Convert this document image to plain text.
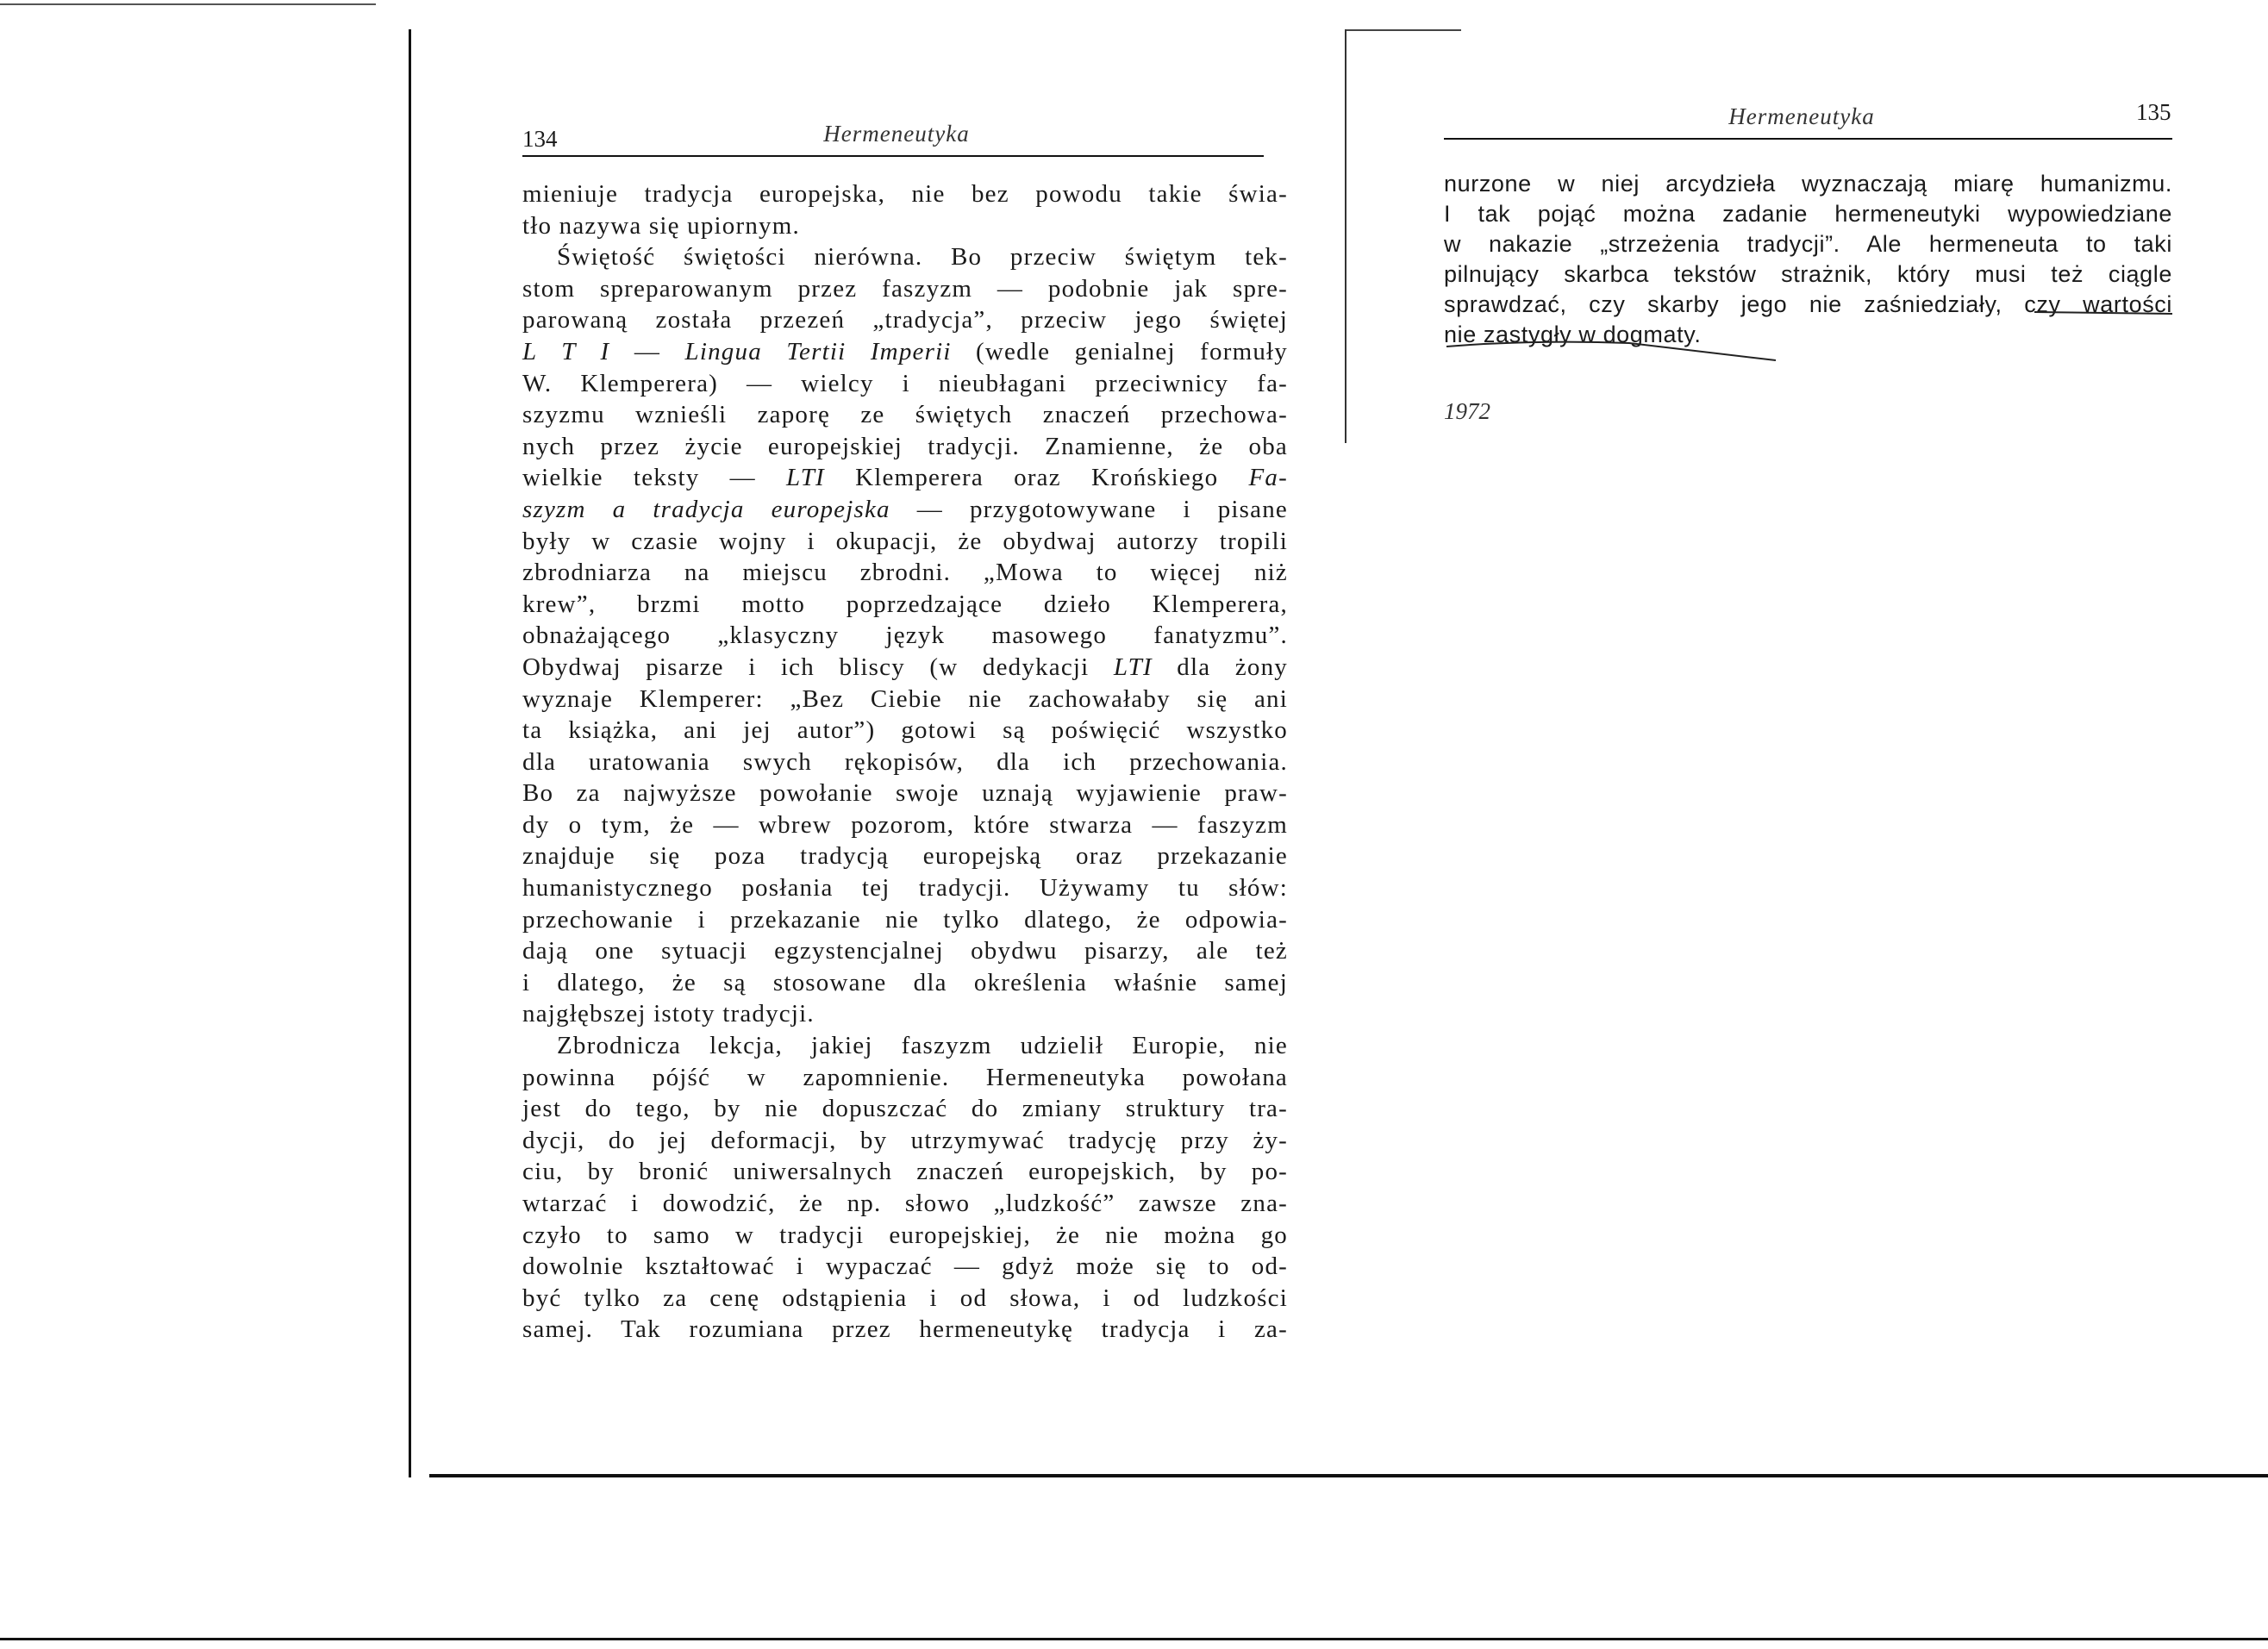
134	Hermeneutyka
mieniuje tradycja europejska, nie bez powodu takie świa-
tło nazywa się upiornym.
Świętość świętości nierówna. Bo przeciw świętym tek-
stom spreparowanym przez faszyzm — podobnie jak spre-
parowaną została przezeń „tradycja”, przeciw jego świętej
L T I — Lingua Tertii Imperii (wedle genialnej formuły
W. Klemperera) — wielcy i nieubłagani przeciwnicy fa-
szyzmu wznieśli zaporę ze świętych znaczeń przechowa-
nych przez życie europejskiej tradycji. Znamienne, że oba
wielkie teksty — LTI Klemperera oraz Krońskiego Fa-
szyzm a tradycja europejska — przygotowywane i pisane
były w czasie wojny i okupacji, że obydwaj autorzy tropili
zbrodniarza na miejscu zbrodni. „Mowa to więcej niż
krew”, brzmi motto poprzedzające dzieło Klemperera,
obnażającego „klasyczny język masowego fanatyzmu”.
Obydwaj pisarze i ich bliscy (w dedykacji LTI dla żony
wyznaje Klemperer: „Bez Ciebie nie zachowałaby się ani
ta książka, ani jej autor”) gotowi są poświęcić wszystko
dla uratowania swych rękopisów, dla ich przechowania.
Bo za najwyższe powołanie swoje uznają wyjawienie praw-
dy o tym, że — wbrew pozorom, które stwarza — faszyzm
znajduje się poza tradycją europejską oraz przekazanie
humanistycznego posłania tej tradycji. Używamy tu słów:
przechowanie i przekazanie nie tylko dlatego, że odpowia-
dają one sytuacji egzystencjalnej obydwu pisarzy, ale też
i dlatego, że są stosowane dla określenia właśnie samej
najgłębszej istoty tradycji.
Zbrodnicza lekcja, jakiej faszyzm udzielił Europie, nie
powinna pójść w zapomnienie. Hermeneutyka powołana
jest do tego, by nie dopuszczać do zmiany struktury tra-
dycji, do jej deformacji, by utrzymywać tradycję przy ży-
ciu, by bronić uniwersalnych znaczeń europejskich, by po-
wtarzać i dowodzić, że np. słowo „ludzkość” zawsze zna-
czyło to samo w tradycji europejskiej, że nie można go
dowolnie kształtować i wypaczać — gdyż może się to od-
być tylko za cenę odstąpienia i od słowa, i od ludzkości
samej. Tak rozumiana przez hermeneutykę tradycja i za-
Hermeneutyka	135
nurzone w niej arcydzieła wyznaczają miarę humanizmu.
I tak pojąć można zadanie hermeneutyki wypowiedziane
w nakazie „strzeżenia tradycji”. Ale hermeneuta to taki
pilnujący skarbca tekstów strażnik, który musi też ciągle
sprawdzać, czy skarby jego nie zaśniedziały, czy wartości
nie zastygły w dogmaty.
1972
